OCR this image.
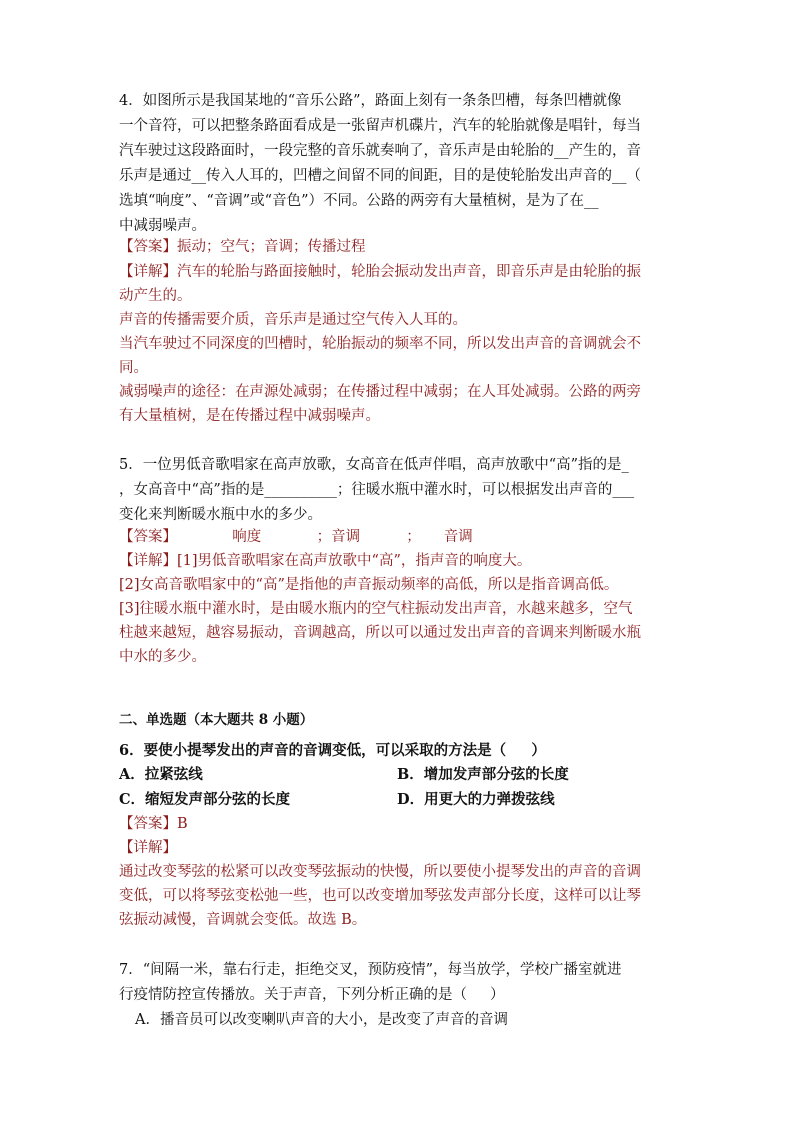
4．如图所示是我国某地的“音乐公路”，路面上刻有一条条凹槽，每条凹槽就像
一个音符，可以把整条路面看成是一张留声机碟片，汽车的轮胎就像是唱针，每当
汽车驶过这段路面时，一段完整的音乐就奏响了，音乐声是由轮胎的__产生的，音
乐声是通过__传入人耳的，凹槽之间留不同的间距，目的是使轮胎发出声音的__（
选填“响度”、“音调”或“音色”）不同。公路的两旁有大量植树，是为了在__
中减弱噪声。
【答案】振动；空气；音调；传播过程
【详解】汽车的轮胎与路面接触时，轮胎会振动发出声音，即音乐声是由轮胎的振
动产生的。
声音的传播需要介质，音乐声是通过空气传入人耳的。
当汽车驶过不同深度的凹槽时，轮胎振动的频率不同，所以发出声音的音调就会不
同。
减弱噪声的途径：在声源处减弱；在传播过程中减弱；在人耳处减弱。公路的两旁
有大量植树，是在传播过程中减弱噪声。
5．一位男低音歌唱家在高声放歌，女高音在低声伴唱，高声放歌中“高”指的是_
，女高音中“高”指的是__________；往暖水瓶中灌水时，可以根据发出声音的___
变化来判断暖水瓶中水的多少。
【答案】            响度            ；音调          ；     音调
【详解】[1]男低音歌唱家在高声放歌中“高”，指声音的响度大。
[2]女高音歌唱家中的“高”是指他的声音振动频率的高低，所以是指音调高低。
[3]往暖水瓶中灌水时，是由暖水瓶内的空气柱振动发出声音，水越来越多，空气
柱越来越短，越容易振动，音调越高，所以可以通过发出声音的音调来判断暖水瓶
中水的多少。
二、单选题（本大题共 8 小题）
6．要使小提琴发出的声音的音调变低，可以采取的方法是（     ）
A．拉紧弦线	B．增加发声部分弦的长度
C．缩短发声部分弦的长度	D．用更大的力弹拨弦线
【答案】B
【详解】
通过改变琴弦的松紧可以改变琴弦振动的快慢，所以要使小提琴发出的声音的音调
变低，可以将琴弦变松弛一些，也可以改变增加琴弦发声部分长度，这样可以让琴
弦振动减慢，音调就会变低。故选 B。
7．“间隔一米，靠右行走，拒绝交叉，预防疫情”，每当放学，学校广播室就进
行疫情防控宣传播放。关于声音，下列分析正确的是（     ）
A．播音员可以改变喇叭声音的大小，是改变了声音的音调
